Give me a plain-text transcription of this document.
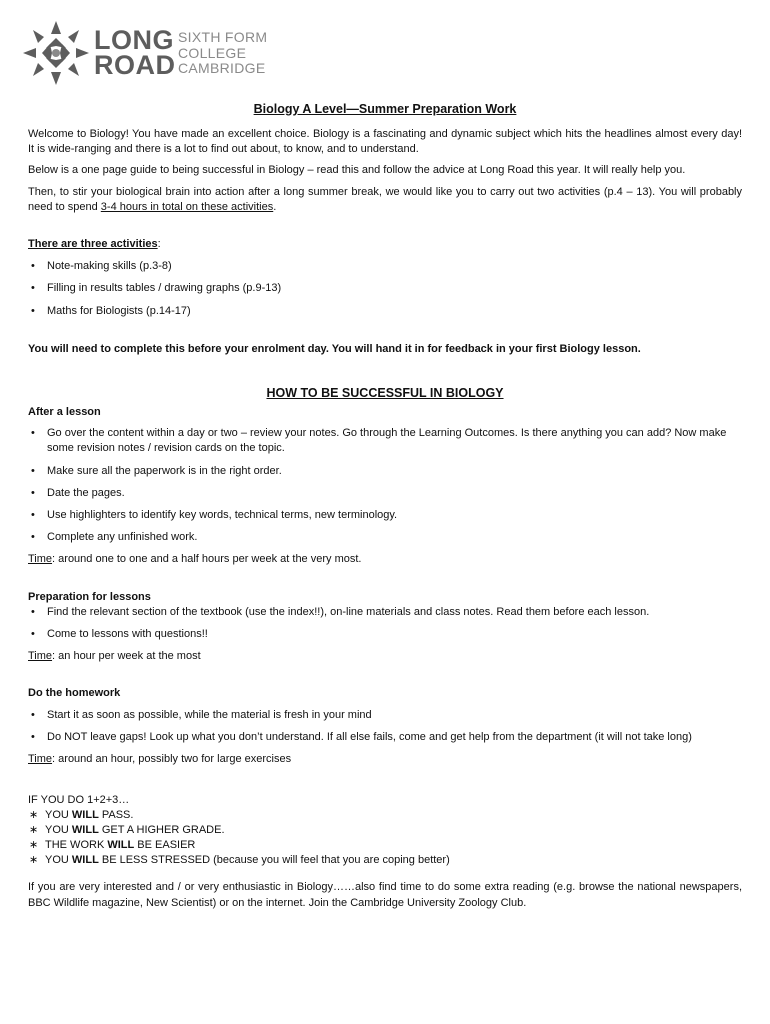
LONG
ROAD
SIXTH FORM
COLLEGE
CAMBRIDGE
Biology A Level—Summer Preparation Work

Welcome to Biology! You have made an excellent choice. Biology is a fascinating and dynamic subject which hits the headlines almost every day! It is wide-ranging and there is a lot to find out about, to know, and to understand.

Below is a one page guide to being successful in Biology – read this and follow the advice at Long Road this year. It will really help you.

Then, to stir your biological brain into action after a long summer break, we would like you to carry out two activities (p.4 – 13). You will probably need to spend 3-4 hours in total on these activities.

There are three activities:

• Note-making skills (p.3-8)
• Filling in results tables / drawing graphs (p.9-13)
• Maths for Biologists (p.14-17)

You will need to complete this before your enrolment day. You will hand it in for feedback in your first Biology lesson.

HOW TO BE SUCCESSFUL IN BIOLOGY

After a lesson

• Go over the content within a day or two – review your notes. Go through the Learning Outcomes. Is there anything you can add? Now make some revision notes / revision cards on the topic.
• Make sure all the paperwork is in the right order.
• Date the pages.
• Use highlighters to identify key words, technical terms, new terminology.
• Complete any unfinished work.

Time: around one to one and a half hours per week at the very most.

Preparation for lessons

• Find the relevant section of the textbook (use the index!!), on-line materials and class notes. Read them before each lesson.
• Come to lessons with questions!!

Time: an hour per week at the most

Do the homework

• Start it as soon as possible, while the material is fresh in your mind
• Do NOT leave gaps! Look up what you don’t understand. If all else fails, come and get help from the department (it will not take long)

Time: around an hour, possibly two for large exercises

IF YOU DO 1+2+3…

∗ YOU WILL PASS.
∗ YOU WILL GET A HIGHER GRADE.
∗ THE WORK WILL BE EASIER
∗ YOU WILL BE LESS STRESSED (because you will feel that you are coping better)

If you are very interested and / or very enthusiastic in Biology……also find time to do some extra reading (e.g. browse the national newspapers, BBC Wildlife magazine, New Scientist) or on the internet. Join the Cambridge University Zoology Club.
